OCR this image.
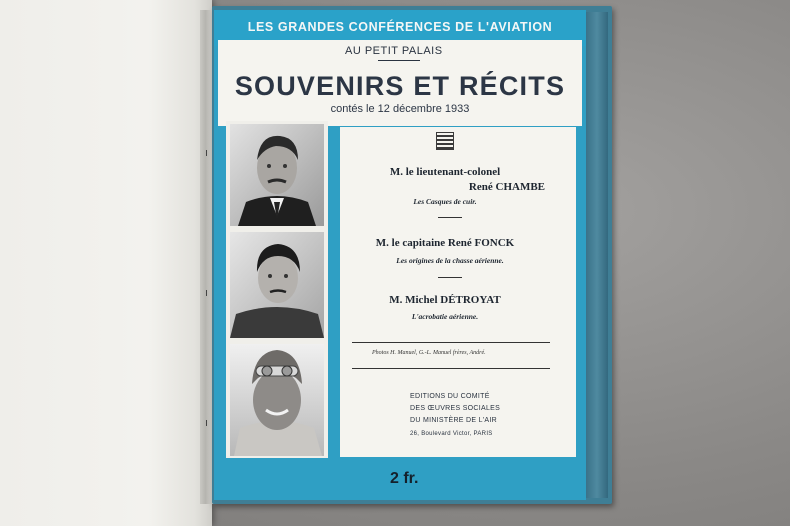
LES GRANDES CONFÉRENCES DE L'AVIATION
AU PETIT PALAIS
SOUVENIRS ET RÉCITS
contés le 12 décembre 1933
M. le lieutenant-colonel
René CHAMBE
Les Casques de cuir.
M. le capitaine René FONCK
Les origines de la chasse aérienne.
M. Michel DÉTROYAT
L'acrobatie aérienne.
Photos H. Manuel, G.-L. Manuel frères, André.
EDITIONS DU COMITÉ
DES ŒUVRES SOCIALES
DU MINISTÈRE DE L'AIR
26, Boulevard Victor, PARIS
2 fr.
